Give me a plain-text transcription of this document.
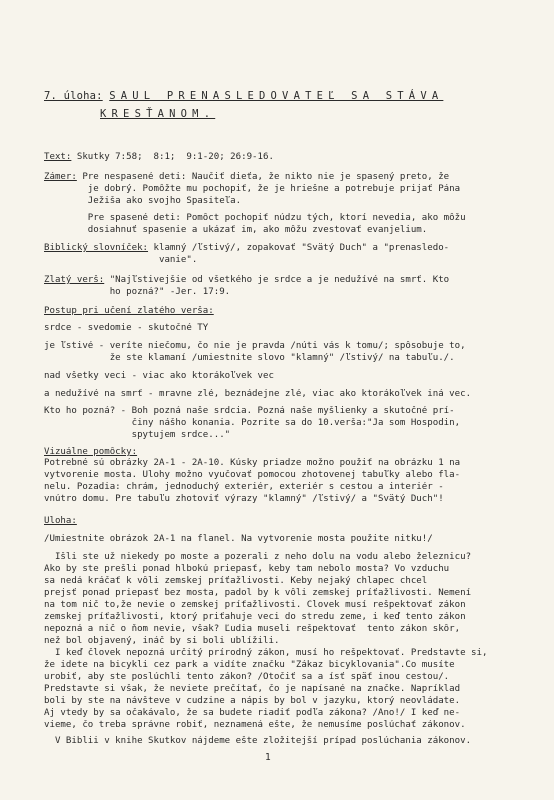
7. úloha: SAUL PRENASLEDOVATEĽ SA STÁVA
KRESŤANOM.
Text: Skutky 7:58;  8:1;  9:1-20; 26:9-16.
Zámer: Pre nespasené deti: Naučiť dieťa, že nikto nie je spasený preto, že
je dobrý. Pomôžte mu pochopiť, že je hriešne a potrebuje prijať Pána
Ježiša ako svojho Spasiteľa.
Pre spasené deti: Pomôct pochopiť núdzu tých, ktorí nevedia, ako môžu
dosiahnuť spasenie a ukázať im, ako môžu zvestovať evanjelium.
Biblický slovníček: klamný /ľstivý/, zopakovať "Svätý Duch" a "prenasledo-
vanie".
Zlatý verš: "Najľstivejšie od všetkého je srdce a je nedužívé na smrť. Kto
ho pozná?" -Jer. 17:9.
Postup pri učení zlatého verša:
srdce - svedomie - skutočné TY
je ľstivé - veríte niečomu, čo nie je pravda /núti vás k tomu/; spôsobuje to,
že ste klamaní /umiestnite slovo "klamný" /ľstivý/ na tabuľu./.
nad všetky veci - viac ako ktorákoľvek vec
a nedužívé na smrť - mravne zlé, beznádejne zlé, viac ako ktorákoľvek iná vec.
Kto ho pozná? - Boh pozná naše srdcia. Pozná naše myšlienky a skutočné prí-
činy nášho konania. Pozrite sa do 10.verša:"Ja som Hospodin,
spytujem srdce..."
Vizuálne pomôcky:
Potrebné sú obrázky 2A-1 - 2A-10. Kúsky priadze možno použiť na obrázku 1 na
vytvorenie mosta. Úlohy možno vyučovať pomocou zhotovenej tabuľky alebo fla-
nelu. Pozadia: chrám, jednoduchý exteriér, exteriér s cestou a interiér -
vnútro domu. Pre tabuľu zhotoviť výrazy "klamný" /ľstivý/ a "Svätý Duch"!
Úloha:
/Umiestnite obrázok 2A-1 na flanel. Na vytvorenie mosta použite nitku!/
Išli ste už niekedy po moste a pozerali z neho dolu na vodu alebo železnicu?
Ako by ste prešli ponad hlbokú priepasť, keby tam nebolo mosta? Vo vzduchu
sa nedá kráčať k vôli zemskej príťažlivosti. Keby nejaký chlapec chcel
prejsť ponad priepasť bez mosta, padol by k vôli zemskej príťažlivosti. Nemení
na tom nič to,že nevie o zemskej príťažlivosti. Človek musí rešpektovať zákon
zemskej príťažlivosti, ktorý priťahuje veci do stredu zeme, i keď tento zákon
nepozná a nič o ňom nevie, však? Ľudia museli rešpektovať  tento zákon skôr,
než bol objavený, ináč by si boli ublížili.
I keď človek nepozná určitý prírodný zákon, musí ho rešpektovať. Predstavte si,
že idete na bicykli cez park a vidíte značku "Zákaz bicyklovania".Čo musíte
urobiť, aby ste poslúchli tento zákon? /Otočiť sa a ísť späť inou cestou/.
Predstavte si však, že neviete prečítať, čo je napísané na značke. Napríklad
boli by ste na návšteve v cudzine a nápis by bol v jazyku, ktorý neovládate.
Aj vtedy by sa očakávalo, že sa budete riadiť podľa zákona? /Áno!/ I keď ne-
vieme, čo treba správne robiť, neznamená ešte, že nemusíme poslúchať zákonov.
V Biblii v knihe Skutkov nájdeme ešte zložitejší prípad poslúchania zákonov.
1
